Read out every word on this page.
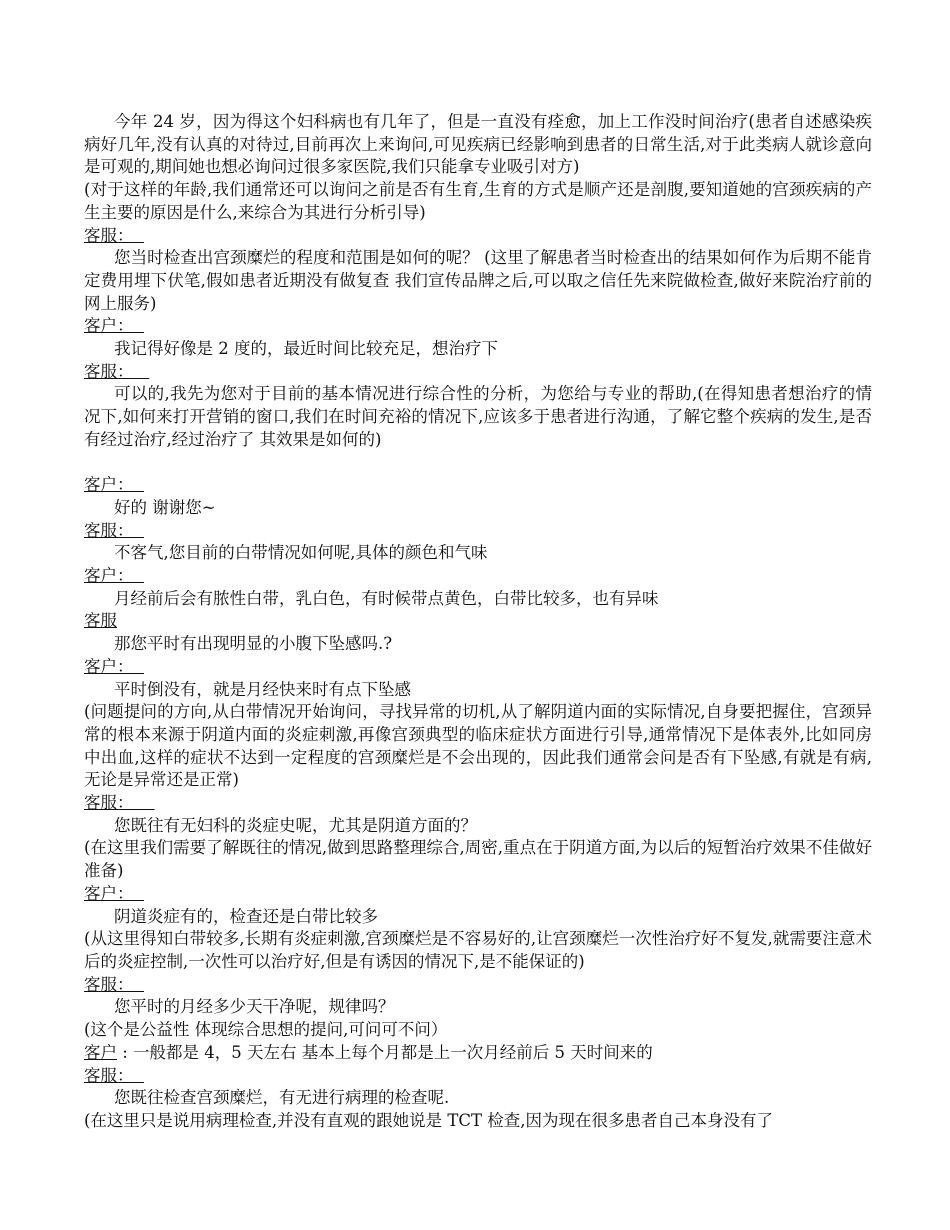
今年 24 岁，因为得这个妇科病也有几年了，但是一直没有痊愈，加上工作没时间治疗(患者自述感染疾病好几年,没有认真的对待过,目前再次上来询问,可见疾病已经影响到患者的日常生活,对于此类病人就诊意向是可观的,期间她也想必询问过很多家医院,我们只能拿专业吸引对方)

(对于这样的年龄,我们通常还可以询问之前是否有生育,生育的方式是顺产还是剖腹,要知道她的宫颈疾病的产生主要的原因是什么,来综合为其进行分析引导)

客服：

您当时检查出宫颈糜烂的程度和范围是如何的呢？ (这里了解患者当时检查出的结果如何作为后期不能肯定费用埋下伏笔,假如患者近期没有做复查 我们宣传品牌之后,可以取之信任先来院做检查,做好来院治疗前的网上服务)

客户：

我记得好像是 2 度的，最近时间比较充足，想治疗下

客服：

可以的,我先为您对于目前的基本情况进行综合性的分析，为您给与专业的帮助,(在得知患者想治疗的情况下,如何来打开营销的窗口,我们在时间充裕的情况下,应该多于患者进行沟通，了解它整个疾病的发生,是否有经过治疗,经过治疗了 其效果是如何的)

客户：

好的 谢谢您~

客服：

不客气,您目前的白带情况如何呢,具体的颜色和气味

客户：

月经前后会有脓性白带，乳白色，有时候带点黄色，白带比较多，也有异味

客服

那您平时有出现明显的小腹下坠感吗.?

客户：

平时倒没有，就是月经快来时有点下坠感

(问题提问的方向,从白带情况开始询问，寻找异常的切机,从了解阴道内面的实际情况,自身要把握住，宫颈异常的根本来源于阴道内面的炎症刺激,再像宫颈典型的临床症状方面进行引导,通常情况下是体表外,比如同房中出血,这样的症状不达到一定程度的宫颈糜烂是不会出现的，因此我们通常会问是否有下坠感,有就是有病,无论是异常还是正常)

客服：

您既往有无妇科的炎症史呢，尤其是阴道方面的？

(在这里我们需要了解既往的情况,做到思路整理综合,周密,重点在于阴道方面,为以后的短暂治疗效果不佳做好准备)

客户：

阴道炎症有的，检查还是白带比较多

(从这里得知白带较多,长期有炎症刺激,宫颈糜烂是不容易好的,让宫颈糜烂一次性治疗好不复发,就需要注意术后的炎症控制,一次性可以治疗好,但是有诱因的情况下,是不能保证的)

客服：

您平时的月经多少天干净呢，规律吗？

(这个是公益性 体现综合思想的提问,可问可不问）

客户 : 一般都是 4，5 天左右 基本上每个月都是上一次月经前后 5 天时间来的
客服：

您既往检查宫颈糜烂，有无进行病理的检查呢.

(在这里只是说用病理检查,并没有直观的跟她说是 TCT 检查,因为现在很多患者自己本身没有了
